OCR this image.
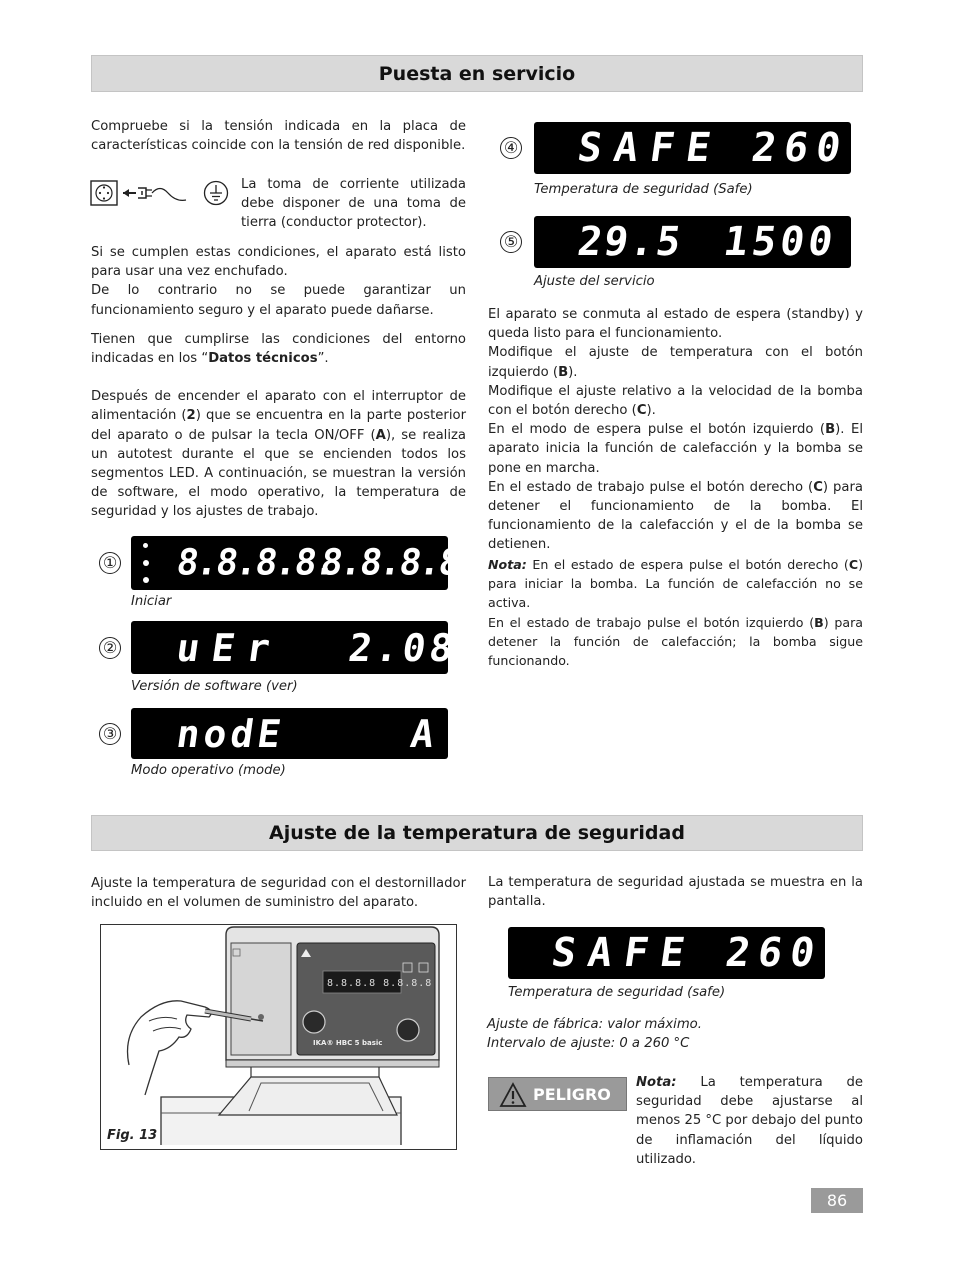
Puesta en servicio

Compruebe si la tensión indicada en la placa de características coincide con la tensión de red disponible.

La toma de corriente utilizada debe disponer de una toma de tierra (conductor protector).

Si se cumplen estas condiciones, el aparato está listo para usar una vez enchufado.

De lo contrario no se puede garantizar un funcionamiento seguro y el aparato puede dañarse.

Tienen que cumplirse las condiciones del entorno indicadas en los “Datos técnicos”.

Después de encender el aparato con el interruptor de alimentación (2) que se encuentra en la parte posterior del aparato o de pulsar la tecla ON/OFF (A), se realiza un autotest durante el que se encienden todos los segmentos LED. A continuación, se muestran la versión de software, el modo operativo, la temperatura de seguridad y los ajustes de trabajo.

① 8.8.8.8.
8.8.8.8.
Iniciar
② uEr 2.08
Versión de software (ver)
③ nodE	A
Modo operativo (mode)
④ SAFE 260
Temperatura de seguridad (Safe)
⑤ 29.5 1500
Ajuste del servicio

El aparato se conmuta al estado de espera (standby) y queda listo para el funcionamiento.

Modifique el ajuste de temperatura con el botón izquierdo (B).

Modifique el ajuste relativo a la velocidad de la bomba con el botón derecho (C).

En el modo de espera pulse el botón izquierdo (B). El aparato inicia la función de calefacción y la bomba se pone en marcha.

En el estado de trabajo pulse el botón derecho (C) para detener el funcionamiento de la bomba. El funcionamiento de la calefacción y el de la bomba se detienen.

Nota: En el estado de espera pulse el botón derecho (C) para iniciar la bomba. La función de calefacción no se activa.

En el estado de trabajo pulse el botón izquierdo (B) para detener la función de calefacción; la bomba sigue funcionando.

Ajuste de la temperatura de seguridad

Ajuste la temperatura de seguridad con el destornillador incluido en el volumen de suministro del aparato.

La temperatura de seguridad ajustada se muestra en la pantalla.

8.8.8.8 8.8.8.8
IKA® HBC 5 basic
Fig. 13
SAFE 260
Temperatura de seguridad (safe)

Ajuste de fábrica: valor máximo.

Intervalo de ajuste: 0 a 260 °C

PELIGRO

Nota: La temperatura de seguridad debe ajustarse al menos 25 °C por debajo del punto de inflamación del líquido utilizado.

86
